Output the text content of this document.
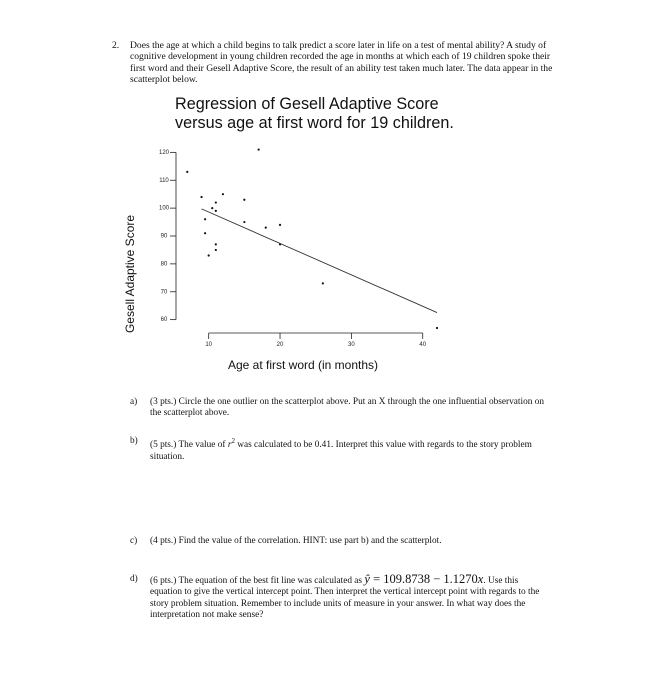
2. Does the age at which a child begins to talk predict a score later in life on a test of mental ability? A study of cognitive development in young children recorded the age in months at which each of 19 children spoke their first word and their Gesell Adaptive Score, the result of an ability test taken much later. The data appear in the scatterplot below.
Regression of Gesell Adaptive Score
versus age at first word for 19 children.
60
70
80
90
100
110
120
10	20	30	40
Gesell Adaptive Score
Age at first word (in months)
a) (3 pts.) Circle the one outlier on the scatterplot above. Put an X through the one influential observation on the scatterplot above.
b) (5 pts.) The value of $r^2$ was calculated to be 0.41. Interpret this value with regards to the story problem situation.
c) (4 pts.) Find the value of the correlation. HINT: use part b) and the scatterplot.
d) (6 pts.) The equation of the best fit line was calculated as ŷ = 109.8738 − 1.1270x. Use this equation to give the vertical intercept point. Then interpret the vertical intercept point with regards to the story problem situation. Remember to include units of measure in your answer. In what way does the interpretation not make sense?
